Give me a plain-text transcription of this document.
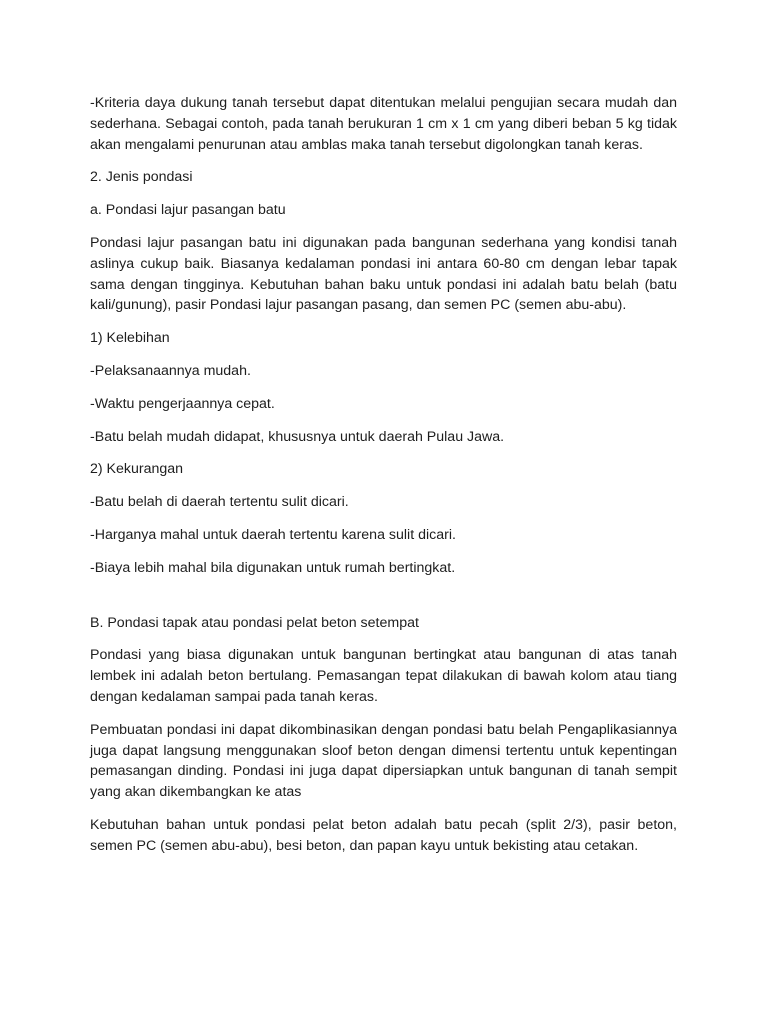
-Kriteria daya dukung tanah tersebut dapat ditentukan melalui pengujian secara mudah dan sederhana. Sebagai contoh, pada tanah berukuran 1 cm x 1 cm yang diberi beban 5 kg tidak akan mengalami penurunan atau amblas maka tanah tersebut digolongkan tanah keras.

2. Jenis pondasi

a. Pondasi lajur pasangan batu

Pondasi lajur pasangan batu ini digunakan pada bangunan sederhana yang kondisi tanah aslinya cukup baik. Biasanya kedalaman pondasi ini antara 60-80 cm dengan lebar tapak sama dengan tingginya. Kebutuhan bahan baku untuk pondasi ini adalah batu belah (batu kali/gunung), pasir Pondasi lajur pasangan pasang, dan semen PC (semen abu-abu).

1) Kelebihan

-Pelaksanaannya mudah.

-Waktu pengerjaannya cepat.

-Batu belah mudah didapat, khususnya untuk daerah Pulau Jawa.

2) Kekurangan

-Batu belah di daerah tertentu sulit dicari.

-Harganya mahal untuk daerah tertentu karena sulit dicari.

-Biaya lebih mahal bila digunakan untuk rumah bertingkat.

B. Pondasi tapak atau pondasi pelat beton setempat

Pondasi yang biasa digunakan untuk bangunan bertingkat atau bangunan di atas tanah lembek ini adalah beton bertulang. Pemasangan tepat dilakukan di bawah kolom atau tiang dengan kedalaman sampai pada tanah keras.

Pembuatan pondasi ini dapat dikombinasikan dengan pondasi batu belah Pengaplikasiannya juga dapat langsung menggunakan sloof beton dengan dimensi tertentu untuk kepentingan pemasangan dinding. Pondasi ini juga dapat dipersiapkan untuk bangunan di tanah sempit yang akan dikembangkan ke atas

Kebutuhan bahan untuk pondasi pelat beton adalah batu pecah (split 2/3), pasir beton, semen PC (semen abu-abu), besi beton, dan papan kayu untuk bekisting atau cetakan.
